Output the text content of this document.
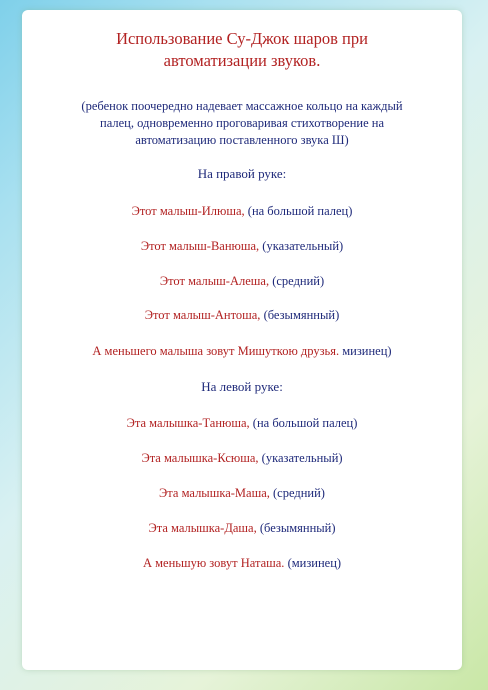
Использование Су-Джок шаров при
автоматизации звуков.
(ребенок поочередно надевает массажное кольцо на каждый
палец, одновременно проговаривая стихотворение на
автоматизацию поставленного звука Ш)
На правой руке:
Этот малыш-Илюша, (на большой палец)
Этот малыш-Ванюша, (указательный)
Этот малыш-Алеша, (средний)
Этот малыш-Антоша, (безымянный)
А меньшего малыша зовут Мишуткою друзья. мизинец)
На левой руке:
Эта малышка-Танюша, (на большой палец)
Эта малышка-Ксюша, (указательный)
Эта малышка-Маша, (средний)
Эта малышка-Даша, (безымянный)
А меньшую зовут Наташа. (мизинец)
